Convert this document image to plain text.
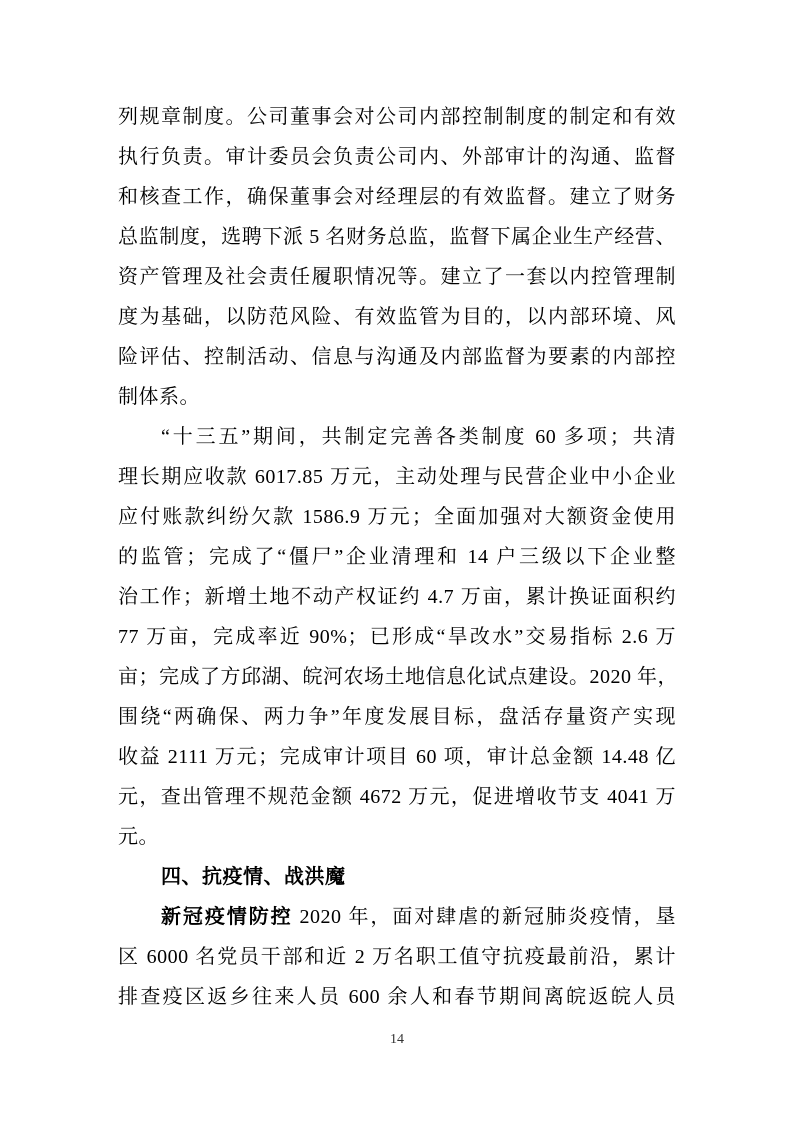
列规章制度。公司董事会对公司内部控制制度的制定和有效
执行负责。审计委员会负责公司内、外部审计的沟通、监督
和核查工作，确保董事会对经理层的有效监督。建立了财务
总监制度，选聘下派 5 名财务总监，监督下属企业生产经营、
资产管理及社会责任履职情况等。建立了一套以内控管理制
度为基础，以防范风险、有效监管为目的，以内部环境、风
险评估、控制活动、信息与沟通及内部监督为要素的内部控
制体系。
“十三五”期间，共制定完善各类制度 60 多项；共清
理长期应收款 6017.85 万元，主动处理与民营企业中小企业
应付账款纠纷欠款 1586.9 万元；全面加强对大额资金使用
的监管；完成了“僵尸”企业清理和 14 户三级以下企业整
治工作；新增土地不动产权证约 4.7 万亩，累计换证面积约
77 万亩，完成率近 90%；已形成“旱改水”交易指标 2.6 万
亩；完成了方邱湖、皖河农场土地信息化试点建设。2020 年，
围绕“两确保、两力争”年度发展目标，盘活存量资产实现
收益 2111 万元；完成审计项目 60 项，审计总金额 14.48 亿
元，查出管理不规范金额 4672 万元，促进增收节支 4041 万
元。
四、抗疫情、战洪魔
新冠疫情防控 2020 年，面对肆虐的新冠肺炎疫情，垦
区 6000 名党员干部和近 2 万名职工值守抗疫最前沿，累计
排查疫区返乡往来人员 600 余人和春节期间离皖返皖人员
14
